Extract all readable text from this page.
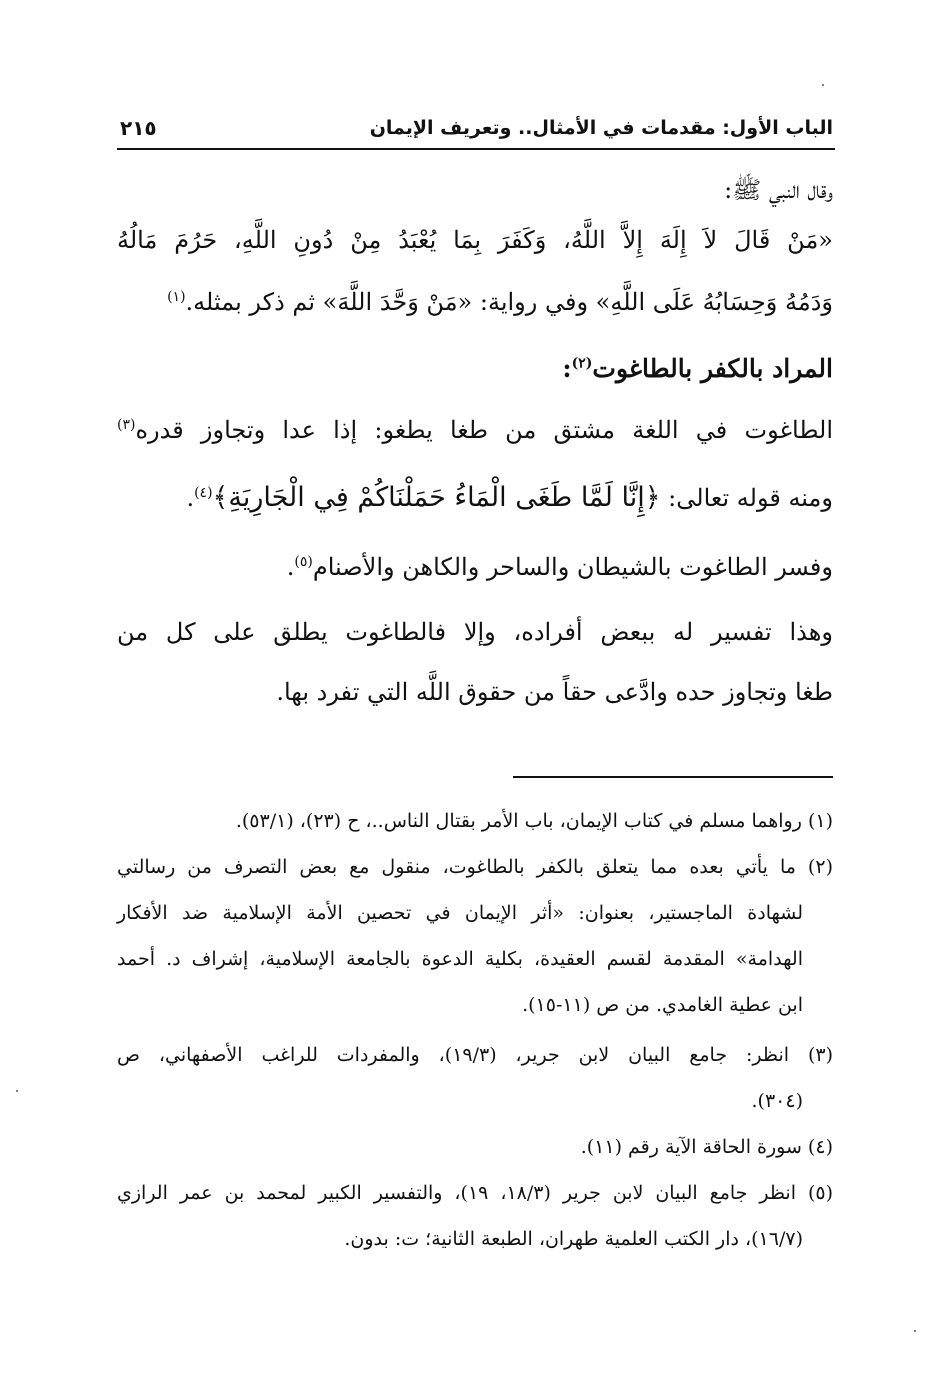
الباب الأول: مقدمات في الأمثال.. وتعريف الإيمان
٢١٥
وقال النبي ﷺ:
«مَنْ قَالَ لاَ إِلَهَ إِلاَّ اللَّهُ، وَكَفَرَ بِمَا يُعْبَدُ مِنْ دُونِ اللَّهِ، حَرُمَ مَالُهُ
وَدَمُهُ وَحِسَابُهُ عَلَى اللَّهِ» وفي رواية: «مَنْ وَحَّدَ اللَّهَ» ثم ذكر بمثله.$^{(١)}$
المراد بالكفر بالطاغوت$^{(٢)}$:
الطاغوت في اللغة مشتق من طغا يطغو: إذا عدا وتجاوز قدره$^{(٣)}$
ومنه قوله تعالى: ﴿إِنَّا لَمَّا طَغَى الْمَاءُ حَمَلْنَاكُمْ فِي الْجَارِيَةِ﴾$^{(٤)}$.
وفسر الطاغوت بالشيطان والساحر والكاهن والأصنام$^{(٥)}$.
وهذا تفسير له ببعض أفراده، وإلا فالطاغوت يطلق على كل من
طغا وتجاوز حده وادَّعى حقاً من حقوق اللَّه التي تفرد بها.
(١) رواهما مسلم في كتاب الإيمان، باب الأمر بقتال الناس..، ح (٢٣)، (٥٣/١).
(٢) ما يأتي بعده مما يتعلق بالكفر بالطاغوت، منقول مع بعض التصرف من رسالتي
لشهادة الماجستير، بعنوان: «أثر الإيمان في تحصين الأمة الإسلامية ضد الأفكار
الهدامة» المقدمة لقسم العقيدة، بكلية الدعوة بالجامعة الإسلامية، إشراف د. أحمد
ابن عطية الغامدي. من ص (١١-١٥).
(٣) انظر: جامع البيان لابن جرير، (١٩/٣)، والمفردات للراغب الأصفهاني، ص
(٣٠٤).
(٤) سورة الحاقة الآية رقم (١١).
(٥) انظر جامع البيان لابن جرير (١٨/٣، ١٩)، والتفسير الكبير لمحمد بن عمر الرازي
(١٦/٧)، دار الكتب العلمية طهران، الطبعة الثانية؛ ت: بدون.
